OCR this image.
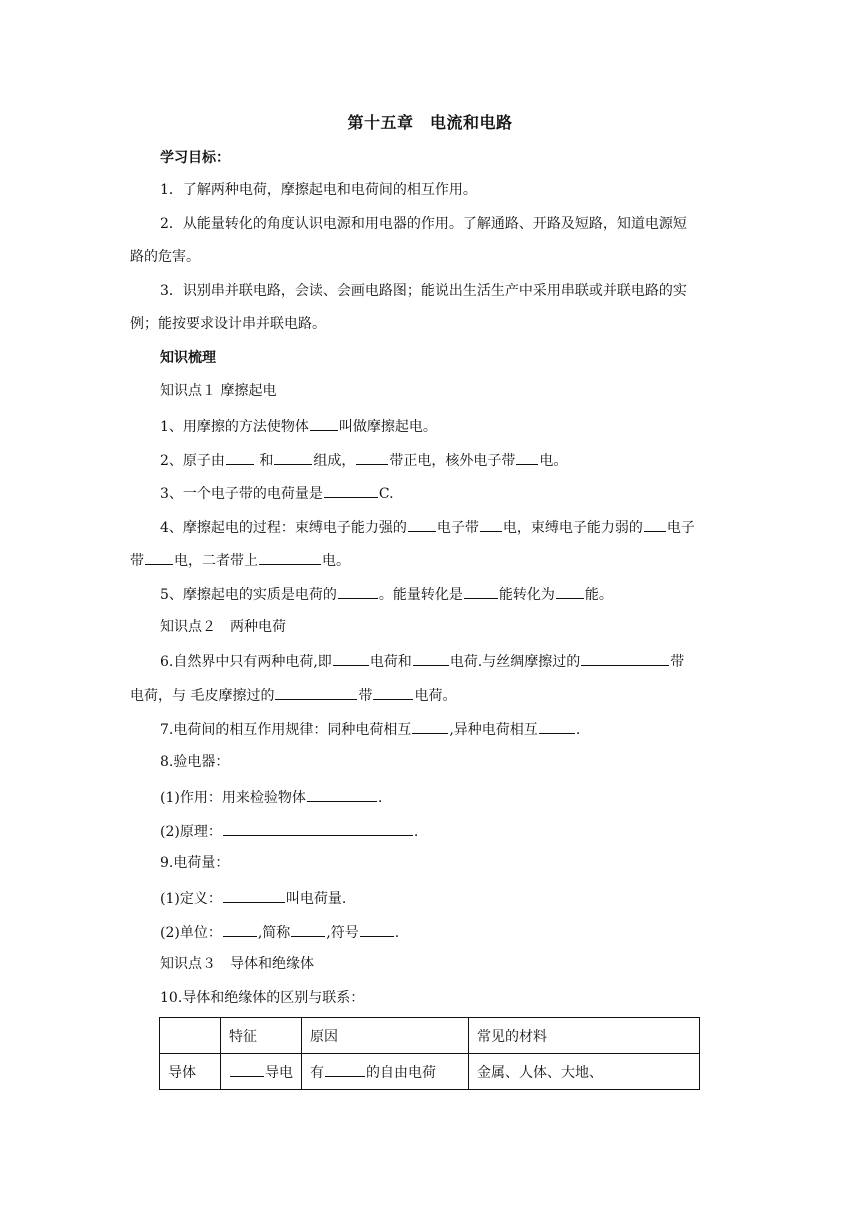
第十五章　电流和电路
学习目标：
1．了解两种电荷，摩擦起电和电荷间的相互作用。
2．从能量转化的角度认识电源和用电器的作用。了解通路、开路及短路，知道电源短
路的危害。
3．识别串并联电路，会读、会画电路图；能说出生活生产中采用串联或并联电路的实
例；能按要求设计串并联电路。
知识梳理
知识点１ 摩擦起电
1、用摩擦的方法使物体 叫做摩擦起电。
2、原子由 和	组成， 带正电，核外电子带 电。
3、一个电子带的电荷量是	C.
4、摩擦起电的过程：束缚电子能力强的 电子带 电，束缚电子能力弱的 电子
带 电，二者带上	电。
5、摩擦起电的实质是电荷的	。能量转化是	能转化为 能。
知识点２　两种电荷
6.自然界中只有两种电荷,即	电荷和	电荷.与丝绸摩擦过的	带
电荷，与 毛皮摩擦过的	带	电荷。
7.电荷间的相互作用规律：同种电荷相互	,异种电荷相互	.
8.验电器：
(1)作用：用来检验物体	.
(2)原理：	.
9.电荷量：
(1)定义：	叫电荷量.
(2)单位：	,简称	,符号	.
知识点３　导体和绝缘体
10.导体和绝缘体的区别与联系：
	特征	原因	常见的材料
导体	导电	有 的自由电荷	金属、人体、大地、
